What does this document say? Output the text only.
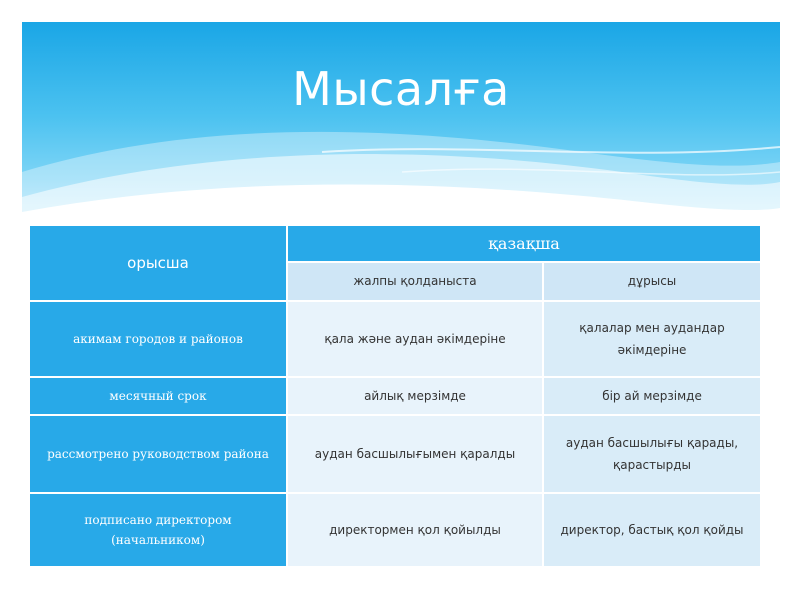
Мысалға
орысша	қазақша	
	жалпы қолданыста	дұрысы
акимам городов и районов	қала және аудан әкімдеріне	қалалар мен аудандар әкімдеріне
месячный срок	айлық мерзімде	бір ай мерзімде
рассмотрено руководством района	аудан басшылығымен қаралды	аудан басшылығы қарады, қарастырды
подписано директором (начальником)	директормен қол қойылды	директор, бастық қол қойды
